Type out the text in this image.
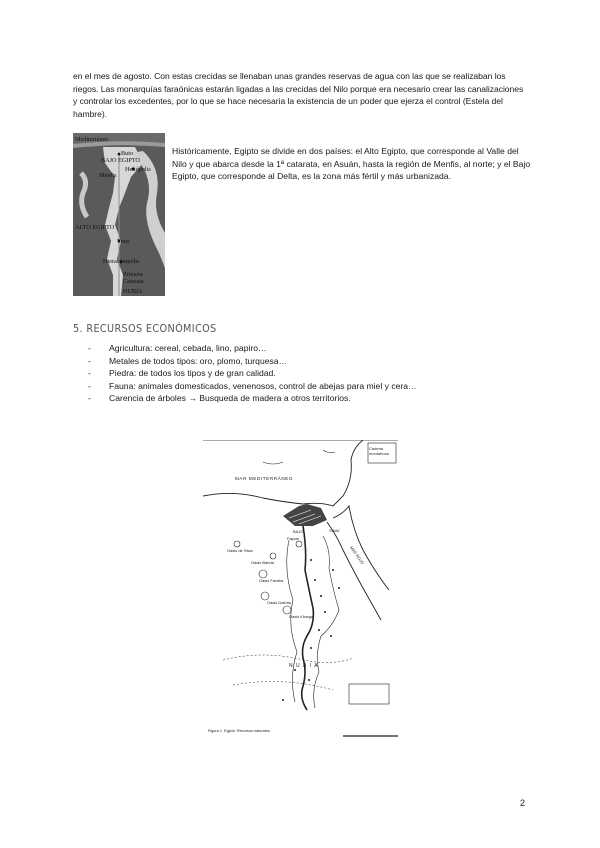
en el mes de agosto. Con estas crecidas se llenaban unas grandes reservas de agua con las que se realizaban los riegos. Las monarquías faraónicas estarán ligadas a las crecidas del Nilo porque era necesario crear las canalizaciones y controlar los excedentes, por lo que se hace necesaria la existencia de un poder que ejerza el control (Estela del hambre).
Mediterráneo
Buto
BAJO EGIPTO
Heliópolis
Menfis
ALTO EGIPTO
Tinis
Hieracómpolis
Primera
Catarata
NUBIA
Históricamente, Egipto se divide en dos países: el Alto Egipto, que corresponde al Valle del Nilo y que abarca desde la 1ª catarata, en Asuán, hasta la región de Menfis, al norte; y el Bajo Egipto, que corresponde al Delta, es la zona más fértil y más urbanizada.
5. RECURSOS ECONÓMICOS
- Agricultura: cereal, cebada, lino, papiro…
- Metales de todos tipos: oro, plomo, turquesa…
- Piedra: de todos los tipos y de gran calidad.
- Fauna: animales domesticados, venenosos, control de abejas para miel y cera…
- Carencia de árboles → Busqueda de madera a otros territorios.
MAR MEDITERRÁNEO
Cadena montañosa
SINAÍ
BAJO
MAR ROJO
Fayum
Oasis de Siwa
Oasis Bahria
Oasis Farafra
Oasis Dakhla
Oasis Kharga
N U B I A
Figura 1. Egipto: Recursos naturales.
2
